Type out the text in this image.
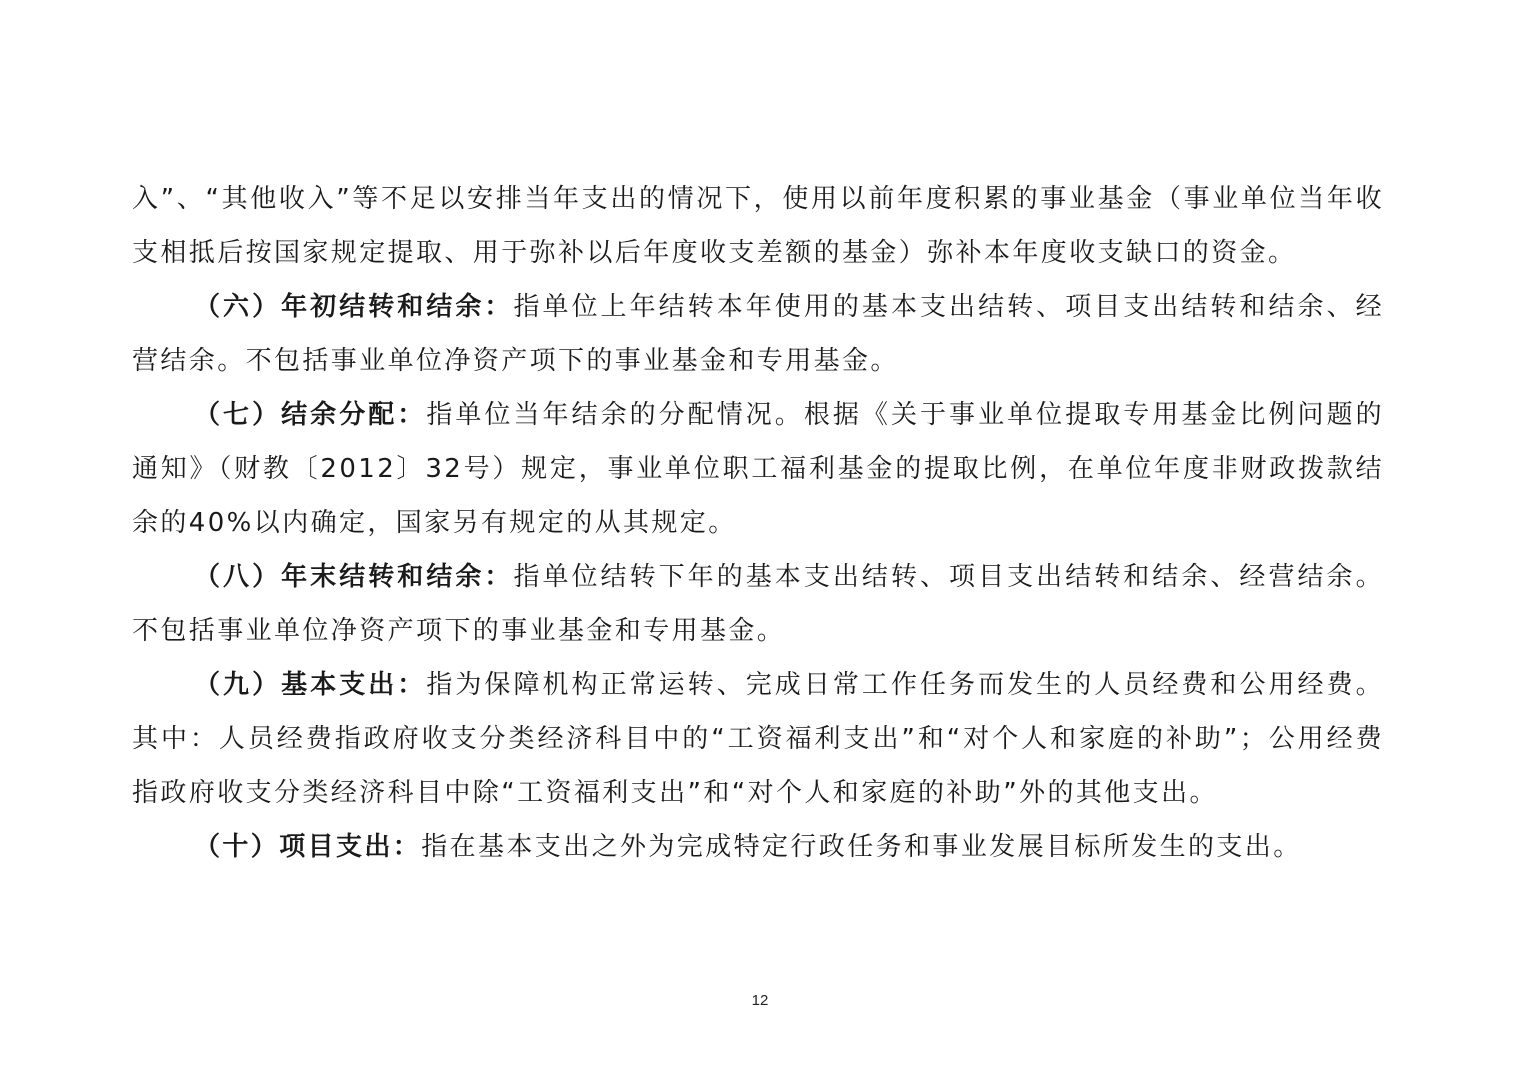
入”、“其他收入”等不足以安排当年支出的情况下，使用以前年度积累的事业基金（事业单位当年收支相抵后按国家规定提取、用于弥补以后年度收支差额的基金）弥补本年度收支缺口的资金。

（六）年初结转和结余：指单位上年结转本年使用的基本支出结转、项目支出结转和结余、经营结余。不包括事业单位净资产项下的事业基金和专用基金。

（七）结余分配：指单位当年结余的分配情况。根据《关于事业单位提取专用基金比例问题的通知》（财教〔2012〕32号）规定，事业单位职工福利基金的提取比例，在单位年度非财政拨款结余的40%以内确定，国家另有规定的从其规定。

（八）年末结转和结余：指单位结转下年的基本支出结转、项目支出结转和结余、经营结余。不包括事业单位净资产项下的事业基金和专用基金。

（九）基本支出：指为保障机构正常运转、完成日常工作任务而发生的人员经费和公用经费。其中：人员经费指政府收支分类经济科目中的“工资福利支出”和“对个人和家庭的补助”；公用经费指政府收支分类经济科目中除“工资福利支出”和“对个人和家庭的补助”外的其他支出。

（十）项目支出：指在基本支出之外为完成特定行政任务和事业发展目标所发生的支出。

12
